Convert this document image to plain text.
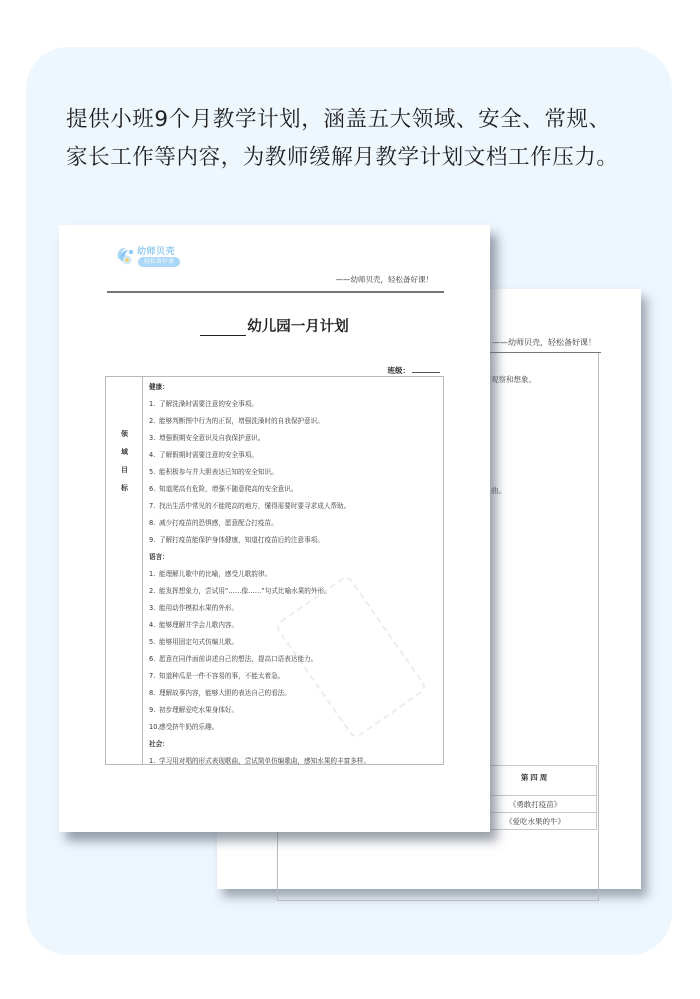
提供小班9个月教学计划，涵盖五大领域、安全、常规、
家长工作等内容，为教师缓解月教学计划文档工作压力。
——幼师贝壳，轻松备好课！
观察和想象。
曲。
	第四周
	《勇敢打疫苗》
	《爱吃水果的牛》
幼师贝壳
轻松备好课
——幼师贝壳，轻松备好课！
幼儿园一月计划
班级：
领
域
目
标
健康：
1. 了解洗澡时需要注意的安全事项。
2. 能够判断图中行为的正误，增强洗澡时的自我保护意识。
3. 增强假期安全意识及自我保护意识。
4. 了解假期时需要注意的安全事项。
5. 能积极参与并大胆表达已知的安全知识。
6. 知道爬高有危险，增强不随意爬高的安全意识。
7. 找出生活中常见的不能爬高的地方，懂得需要时要寻求成人帮助。
8. 减少打疫苗的恐惧感，愿意配合打疫苗。
9. 了解打疫苗能保护身体健康，知道打疫苗后的注意事项。
语言：
1. 能理解儿歌中的比喻，感受儿歌韵律。
2. 能发挥想象力，尝试用“……像……”句式比喻水果的外形。
3. 能用动作模拟水果的外形。
4. 能够理解并学会儿歌内容。
5. 能够用固定句式仿编儿歌。
6. 愿意在同伴面前讲述自己的想法，提高口语表达能力。
7. 知道种瓜是一件不容易的事，不能太着急。
8. 理解故事内容，能够大胆的表达自己的看法。
9. 初步理解爱吃水果身体好。
10.感受挤牛奶的乐趣。
社会：
1. 学习用对唱的形式表现歌曲，尝试简单仿编歌曲，感知水果的丰富多样。
